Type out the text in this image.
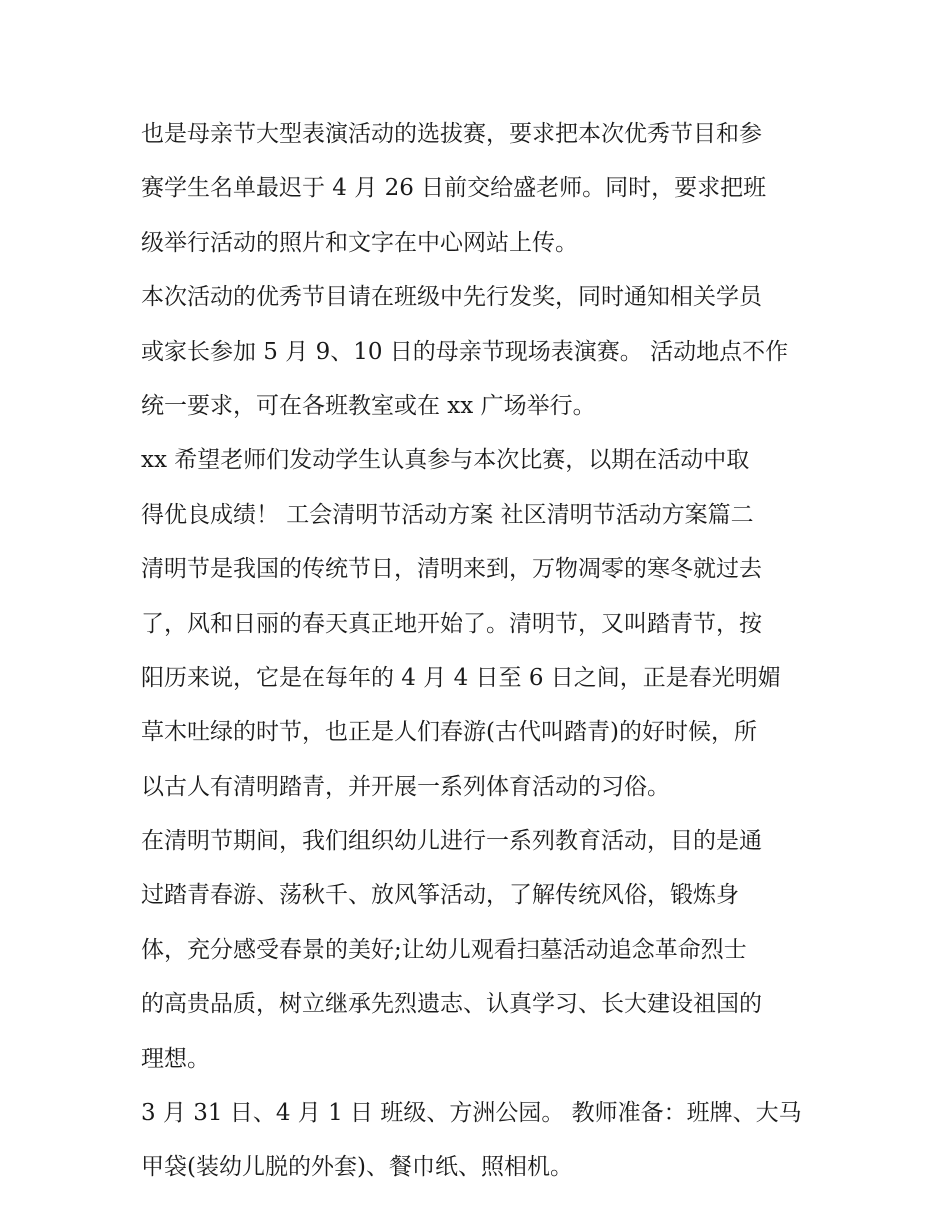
也是母亲节大型表演活动的选拔赛，要求把本次优秀节目和参
赛学生名单最迟于 4 月 26 日前交给盛老师。同时，要求把班
级举行活动的照片和文字在中心网站上传。
本次活动的优秀节目请在班级中先行发奖，同时通知相关学员
或家长参加 5 月 9、10 日的母亲节现场表演赛。 活动地点不作
统一要求，可在各班教室或在 xx 广场举行。
xx 希望老师们发动学生认真参与本次比赛，以期在活动中取
得优良成绩！ 工会清明节活动方案 社区清明节活动方案篇二
清明节是我国的传统节日，清明来到，万物凋零的寒冬就过去
了，风和日丽的春天真正地开始了。清明节，又叫踏青节，按
阳历来说，它是在每年的 4 月 4 日至 6 日之间，正是春光明媚
草木吐绿的时节，也正是人们春游(古代叫踏青)的好时候，所
以古人有清明踏青，并开展一系列体育活动的习俗。
在清明节期间，我们组织幼儿进行一系列教育活动，目的是通
过踏青春游、荡秋千、放风筝活动，了解传统风俗，锻炼身
体，充分感受春景的美好;让幼儿观看扫墓活动追念革命烈士
的高贵品质，树立继承先烈遗志、认真学习、长大建设祖国的
理想。
3 月 31 日、4 月 1 日 班级、方洲公园。 教师准备：班牌、大马
甲袋(装幼儿脱的外套)、餐巾纸、照相机。
